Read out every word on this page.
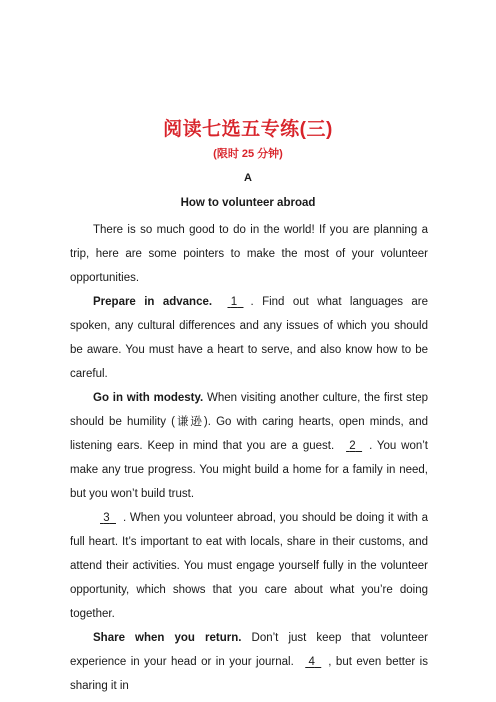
阅读七选五专练(三)
(限时 25 分钟)
A
How to volunteer abroad

There is so much good to do in the world! If you are planning a trip, here are some pointers to make the most of your volunteer opportunities.

Prepare in advance. 1 . Find out what languages are spoken, any cultural differences and any issues of which you should be aware. You must have a heart to serve, and also know how to be careful.

Go in with modesty. When visiting another culture, the first step should be humility (谦逊). Go with caring hearts, open minds, and listening ears. Keep in mind that you are a guest.  2 . You won’t make any true progress. You might build a home for a family in need, but you won’t build trust.

3 . When you volunteer abroad, you should be doing it with a full heart. It’s important to eat with locals, share in their customs, and attend their activities. You must engage yourself fully in the volunteer opportunity, which shows that you care about what you’re doing together.

Share when you return. Don’t just keep that volunteer experience in your head or in your journal.  4 , but even better is sharing it in
